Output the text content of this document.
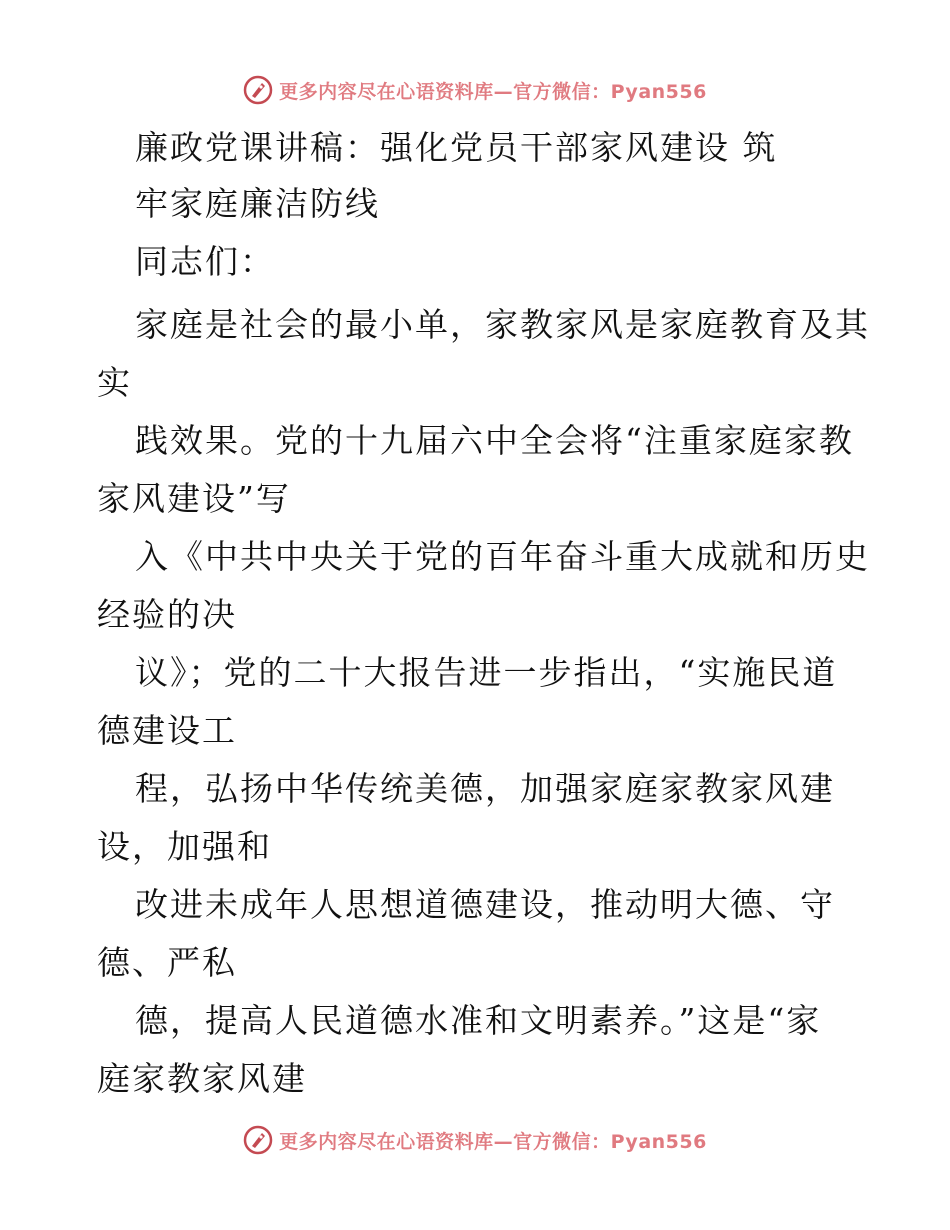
更多内容尽在心语资料库—官方微信：Pyan556
廉政党课讲稿：强化党员干部家风建设 筑
牢家庭廉洁防线
同志们：
家庭是社会的最小单，家教家风是家庭教育及其
实
践效果。党的十九届六中全会将“注重家庭家教
家风建设”写
入《中共中央关于党的百年奋斗重大成就和历史
经验的决
议》；党的二十大报告进一步指出，“实施民道
德建设工
程，弘扬中华传统美德，加强家庭家教家风建
设，加强和
改进未成年人思想道德建设，推动明大德、守
德、严私
德，提高人民道德水准和文明素养。”这是“家
庭家教家风建
更多内容尽在心语资料库—官方微信：Pyan556
